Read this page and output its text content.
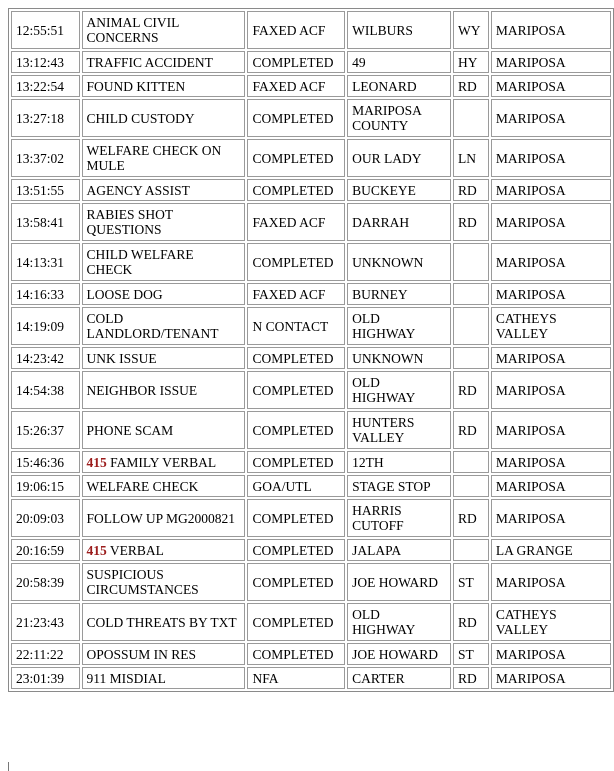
12:55:51	ANIMAL CIVIL CONCERNS	FAXED ACF	WILBURS	WY	MARIPOSA
13:12:43	TRAFFIC ACCIDENT	COMPLETED	49	HY	MARIPOSA
13:22:54	FOUND KITTEN	FAXED ACF	LEONARD	RD	MARIPOSA
13:27:18	CHILD CUSTODY	COMPLETED	MARIPOSA COUNTY		MARIPOSA
13:37:02	WELFARE CHECK ON MULE	COMPLETED	OUR LADY	LN	MARIPOSA
13:51:55	AGENCY ASSIST	COMPLETED	BUCKEYE	RD	MARIPOSA
13:58:41	RABIES SHOT QUESTIONS	FAXED ACF	DARRAH	RD	MARIPOSA
14:13:31	CHILD WELFARE CHECK	COMPLETED	UNKNOWN		MARIPOSA
14:16:33	LOOSE DOG	FAXED ACF	BURNEY		MARIPOSA
14:19:09	COLD LANDLORD/TENANT	N CONTACT	OLD HIGHWAY		CATHEYS VALLEY
14:23:42	UNK ISSUE	COMPLETED	UNKNOWN		MARIPOSA
14:54:38	NEIGHBOR ISSUE	COMPLETED	OLD HIGHWAY	RD	MARIPOSA
15:26:37	PHONE SCAM	COMPLETED	HUNTERS VALLEY	RD	MARIPOSA
15:46:36	415 FAMILY VERBAL	COMPLETED	12TH		MARIPOSA
19:06:15	WELFARE CHECK	GOA/UTL	STAGE STOP		MARIPOSA
20:09:03	FOLLOW UP MG2000821	COMPLETED	HARRIS CUTOFF	RD	MARIPOSA
20:16:59	415 VERBAL	COMPLETED	JALAPA		LA GRANGE
20:58:39	SUSPICIOUS CIRCUMSTANCES	COMPLETED	JOE HOWARD	ST	MARIPOSA
21:23:43	COLD THREATS BY TXT	COMPLETED	OLD HIGHWAY	RD	CATHEYS VALLEY
22:11:22	OPOSSUM IN RES	COMPLETED	JOE HOWARD	ST	MARIPOSA
23:01:39	911 MISDIAL	NFA	CARTER	RD	MARIPOSA
